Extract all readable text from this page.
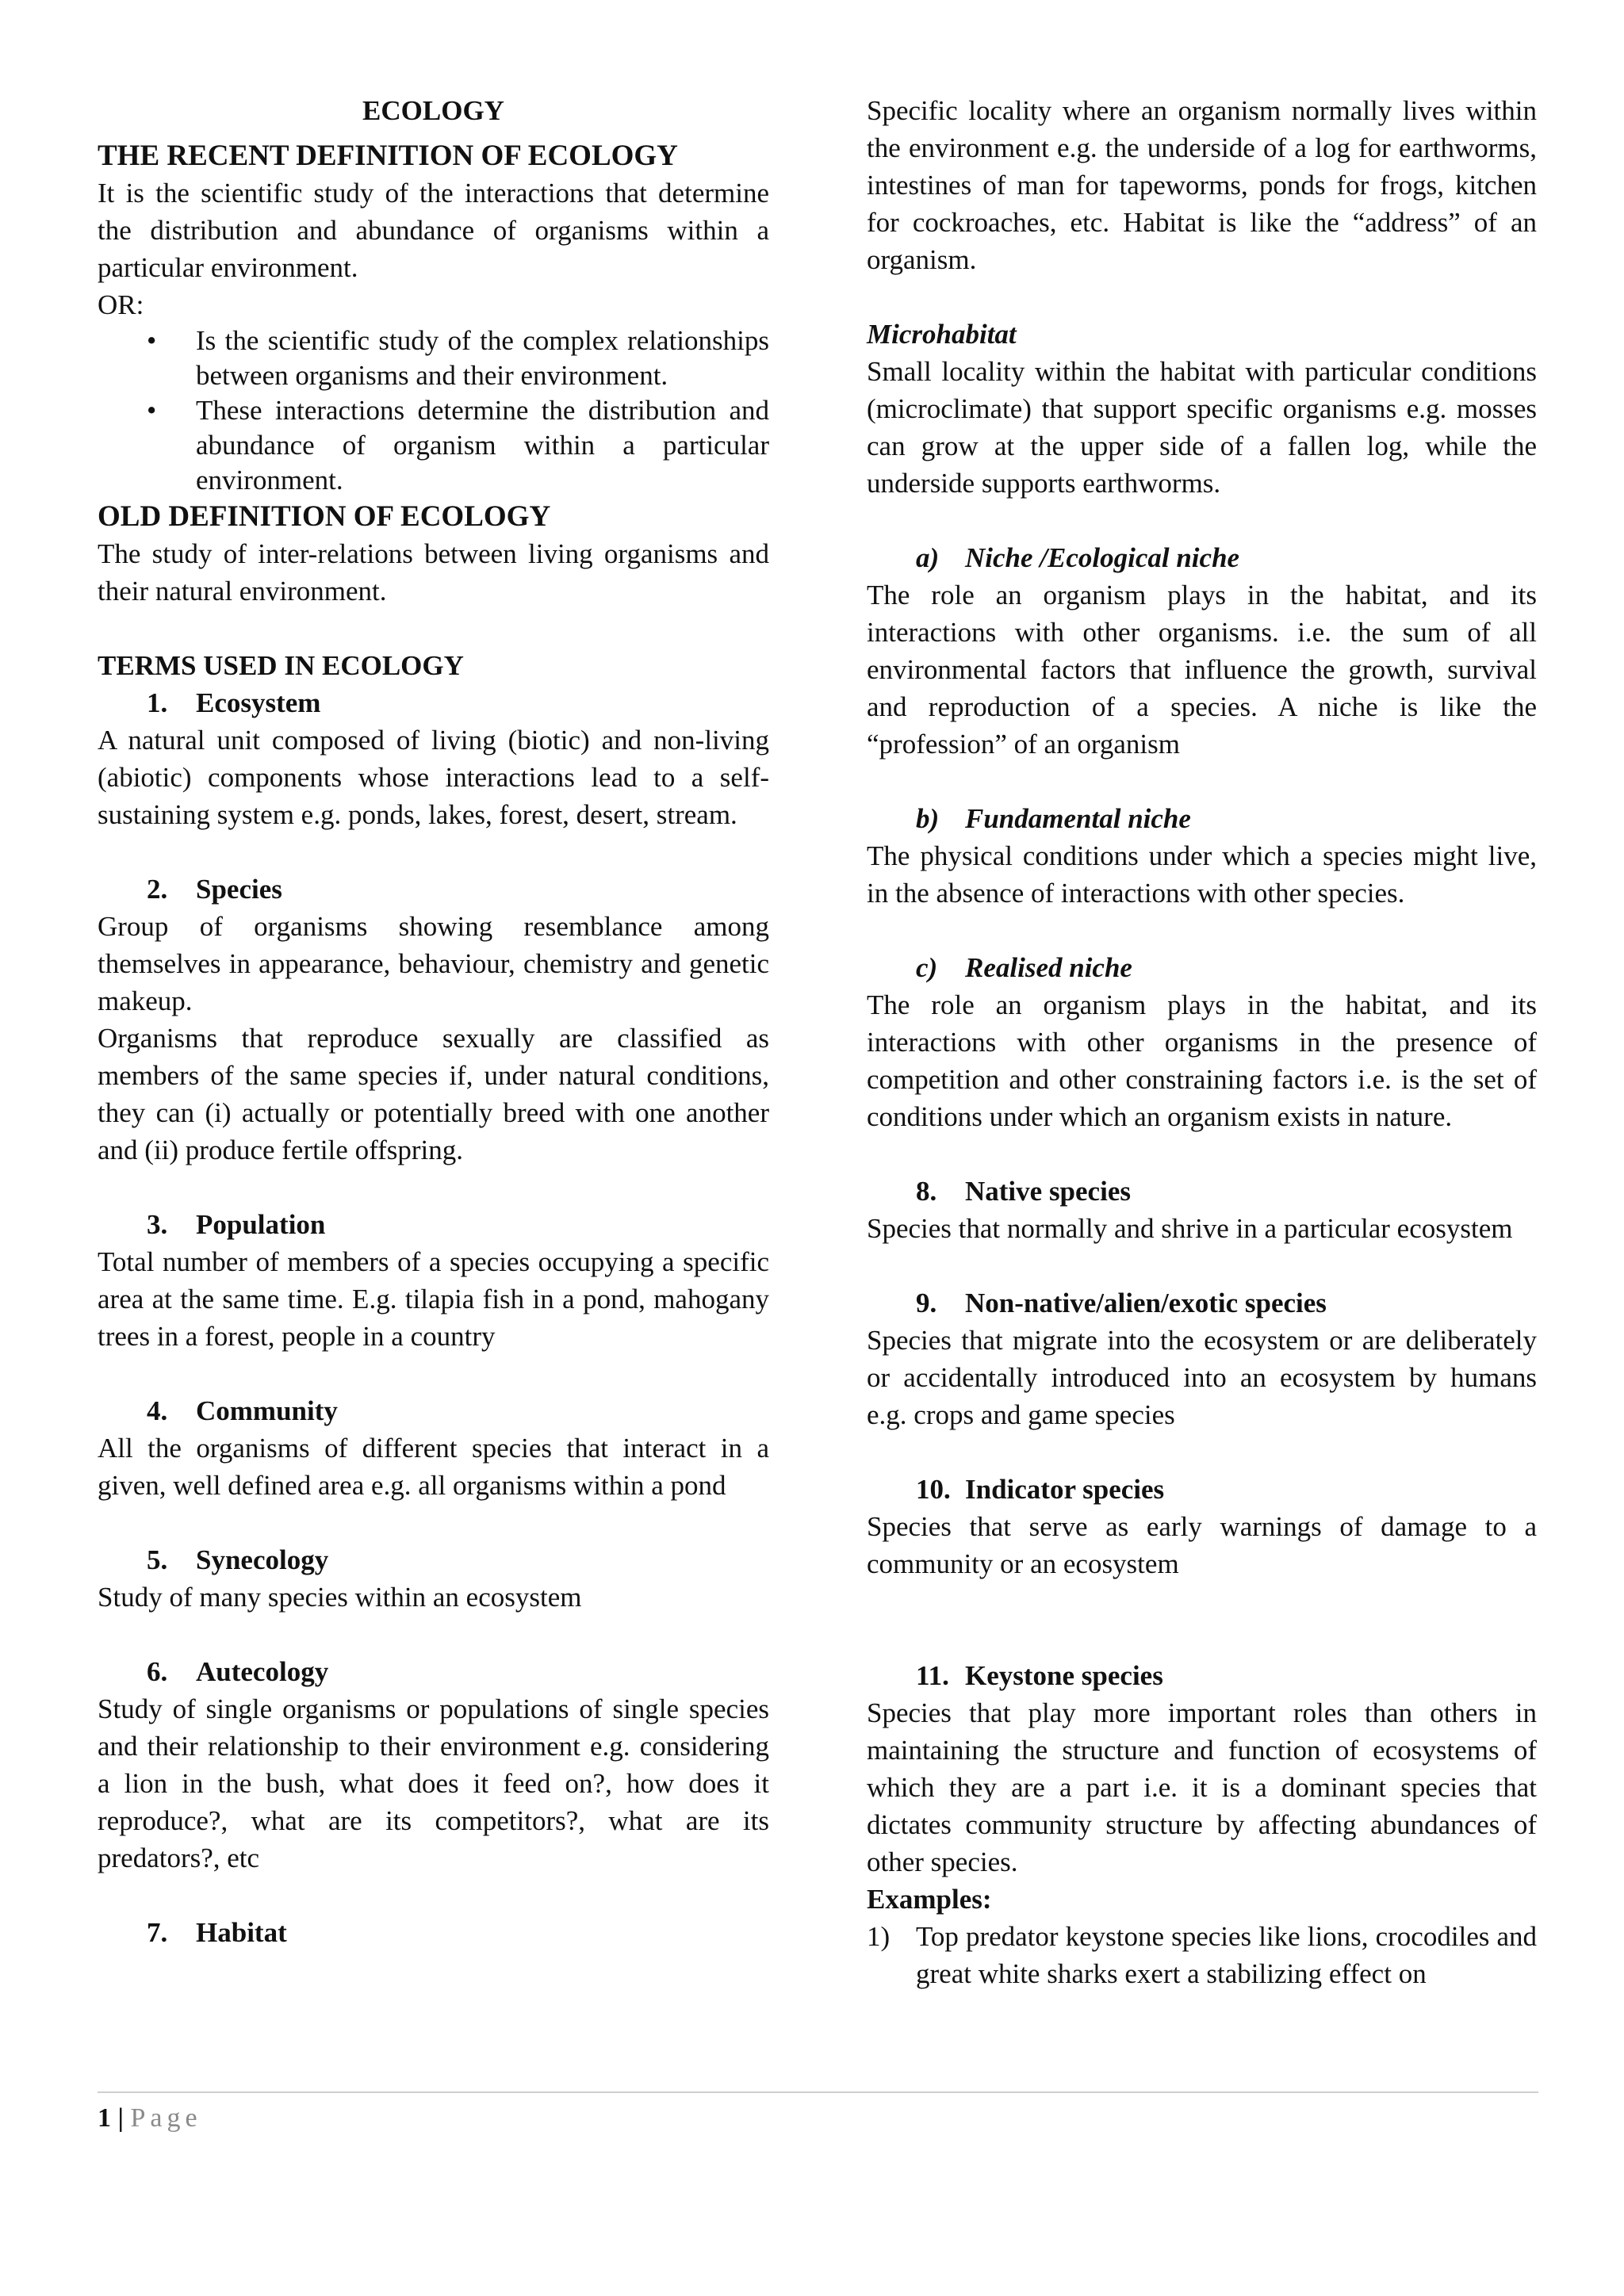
ECOLOGY

THE RECENT DEFINITION OF ECOLOGY

It is the scientific study of the interactions that determine the distribution and abundance of organisms within a particular environment.

OR:

• Is the scientific study of the complex relationships between organisms and their environment.
• These interactions determine the distribution and abundance of organism within a particular environment.

OLD DEFINITION OF ECOLOGY

The study of inter-relations between living organisms and their natural environment.

TERMS USED IN ECOLOGY

1. Ecosystem

A natural unit composed of living (biotic) and non-living (abiotic) components whose interactions lead to a self-sustaining system e.g. ponds, lakes, forest, desert, stream.

2. Species

Group of organisms showing resemblance among themselves in appearance, behaviour, chemistry and genetic makeup.

Organisms that reproduce sexually are classified as members of the same species if, under natural conditions, they can (i) actually or potentially breed with one another and (ii) produce fertile offspring.

3. Population

Total number of members of a species occupying a specific area at the same time. E.g. tilapia fish in a pond, mahogany trees in a forest, people in a country

4. Community

All the organisms of different species that interact in a given, well defined area e.g. all organisms within a pond

5. Synecology

Study of many species within an ecosystem

6. Autecology

Study of single organisms or populations of single species and their relationship to their environment e.g. considering a lion in the bush, what does it feed on?, how does it reproduce?, what are its competitors?, what are its predators?, etc

7. Habitat

Specific locality where an organism normally lives within the environment e.g. the underside of a log for earthworms, intestines of man for tapeworms, ponds for frogs, kitchen for cockroaches, etc. Habitat is like the “address” of an organism.

Microhabitat

Small locality within the habitat with particular conditions (microclimate) that support specific organisms e.g. mosses can grow at the upper side of a fallen log, while the underside supports earthworms.

a) Niche /Ecological niche

The role an organism plays in the habitat, and its interactions with other organisms. i.e. the sum of all environmental factors that influence the growth, survival and reproduction of a species. A niche is like the “profession” of an organism

b) Fundamental niche

The physical conditions under which a species might live, in the absence of interactions with other species.

c) Realised niche

The role an organism plays in the habitat, and its interactions with other organisms in the presence of competition and other constraining factors i.e. is the set of conditions under which an organism exists in nature.

8. Native species

Species that normally and shrive in a particular ecosystem

9. Non-native/alien/exotic species

Species that migrate into the ecosystem or are deliberately or accidentally introduced into an ecosystem by humans e.g. crops and game species

10. Indicator species

Species that serve as early warnings of damage to a community or an ecosystem

11. Keystone species

Species that play more important roles than others in maintaining the structure and function of ecosystems of which they are a part i.e. it is a dominant species that dictates community structure by affecting abundances of other species.

Examples:

1) Top predator keystone species like lions, crocodiles and great white sharks exert a stabilizing effect on
1 | Page
